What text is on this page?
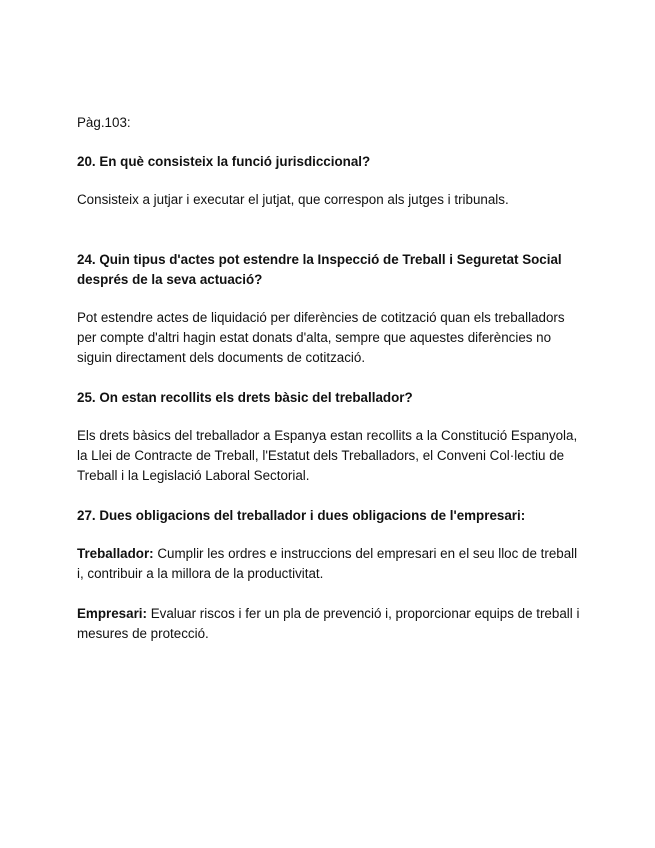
Pàg.103:

20. En què consisteix la funció jurisdiccional?

Consisteix a jutjar i executar el jutjat, que correspon als jutges i tribunals.

24. Quin tipus d'actes pot estendre la Inspecció de Treball i Seguretat Social després de la seva actuació?

Pot estendre actes de liquidació per diferències de cotització quan els treballadors per compte d'altri hagin estat donats d'alta, sempre que aquestes diferències no siguin directament dels documents de cotització.

25. On estan recollits els drets bàsic del treballador?

Els drets bàsics del treballador a Espanya estan recollits a la Constitució Espanyola, la Llei de Contracte de Treball, l'Estatut dels Treballadors, el Conveni Col·lectiu de Treball i la Legislació Laboral Sectorial.

27. Dues obligacions del treballador i dues obligacions de l'empresari:

Treballador: Cumplir les ordres e instruccions del empresari en el seu lloc de treball i, contribuir a la millora de la productivitat.

Empresari: Evaluar riscos i fer un pla de prevenció i, proporcionar equips de treball i mesures de protecció.
